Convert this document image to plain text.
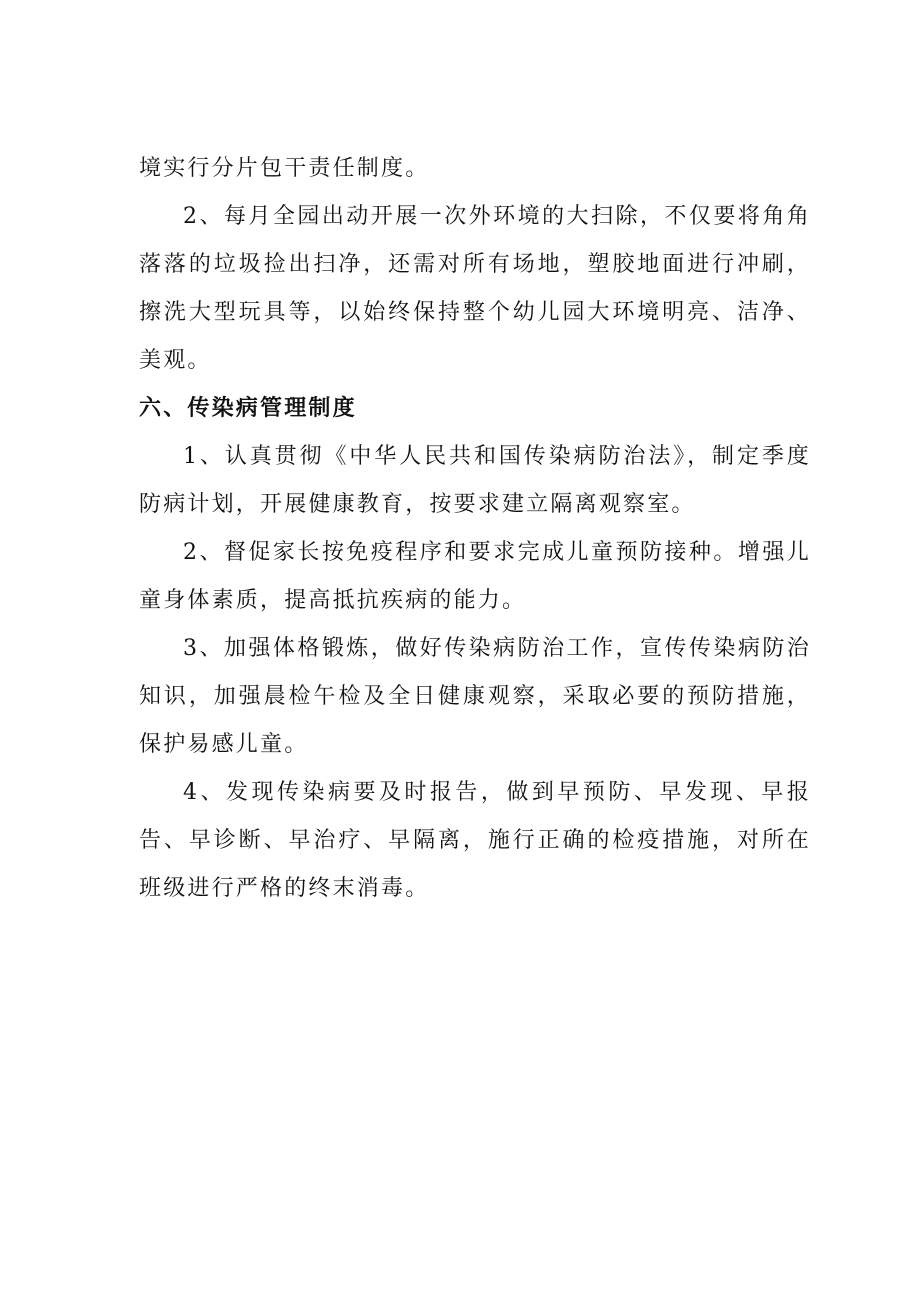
境实行分片包干责任制度。

2、每月全园出动开展一次外环境的大扫除，不仅要将角角落落的垃圾捡出扫净，还需对所有场地，塑胶地面进行冲刷，擦洗大型玩具等，以始终保持整个幼儿园大环境明亮、洁净、美观。

六、传染病管理制度

1、认真贯彻《中华人民共和国传染病防治法》，制定季度防病计划，开展健康教育，按要求建立隔离观察室。

2、督促家长按免疫程序和要求完成儿童预防接种。增强儿童身体素质，提高抵抗疾病的能力。

3、加强体格锻炼，做好传染病防治工作，宣传传染病防治知识，加强晨检午检及全日健康观察，采取必要的预防措施，保护易感儿童。

4、发现传染病要及时报告，做到早预防、早发现、早报告、早诊断、早治疗、早隔离，施行正确的检疫措施，对所在班级进行严格的终末消毒。
